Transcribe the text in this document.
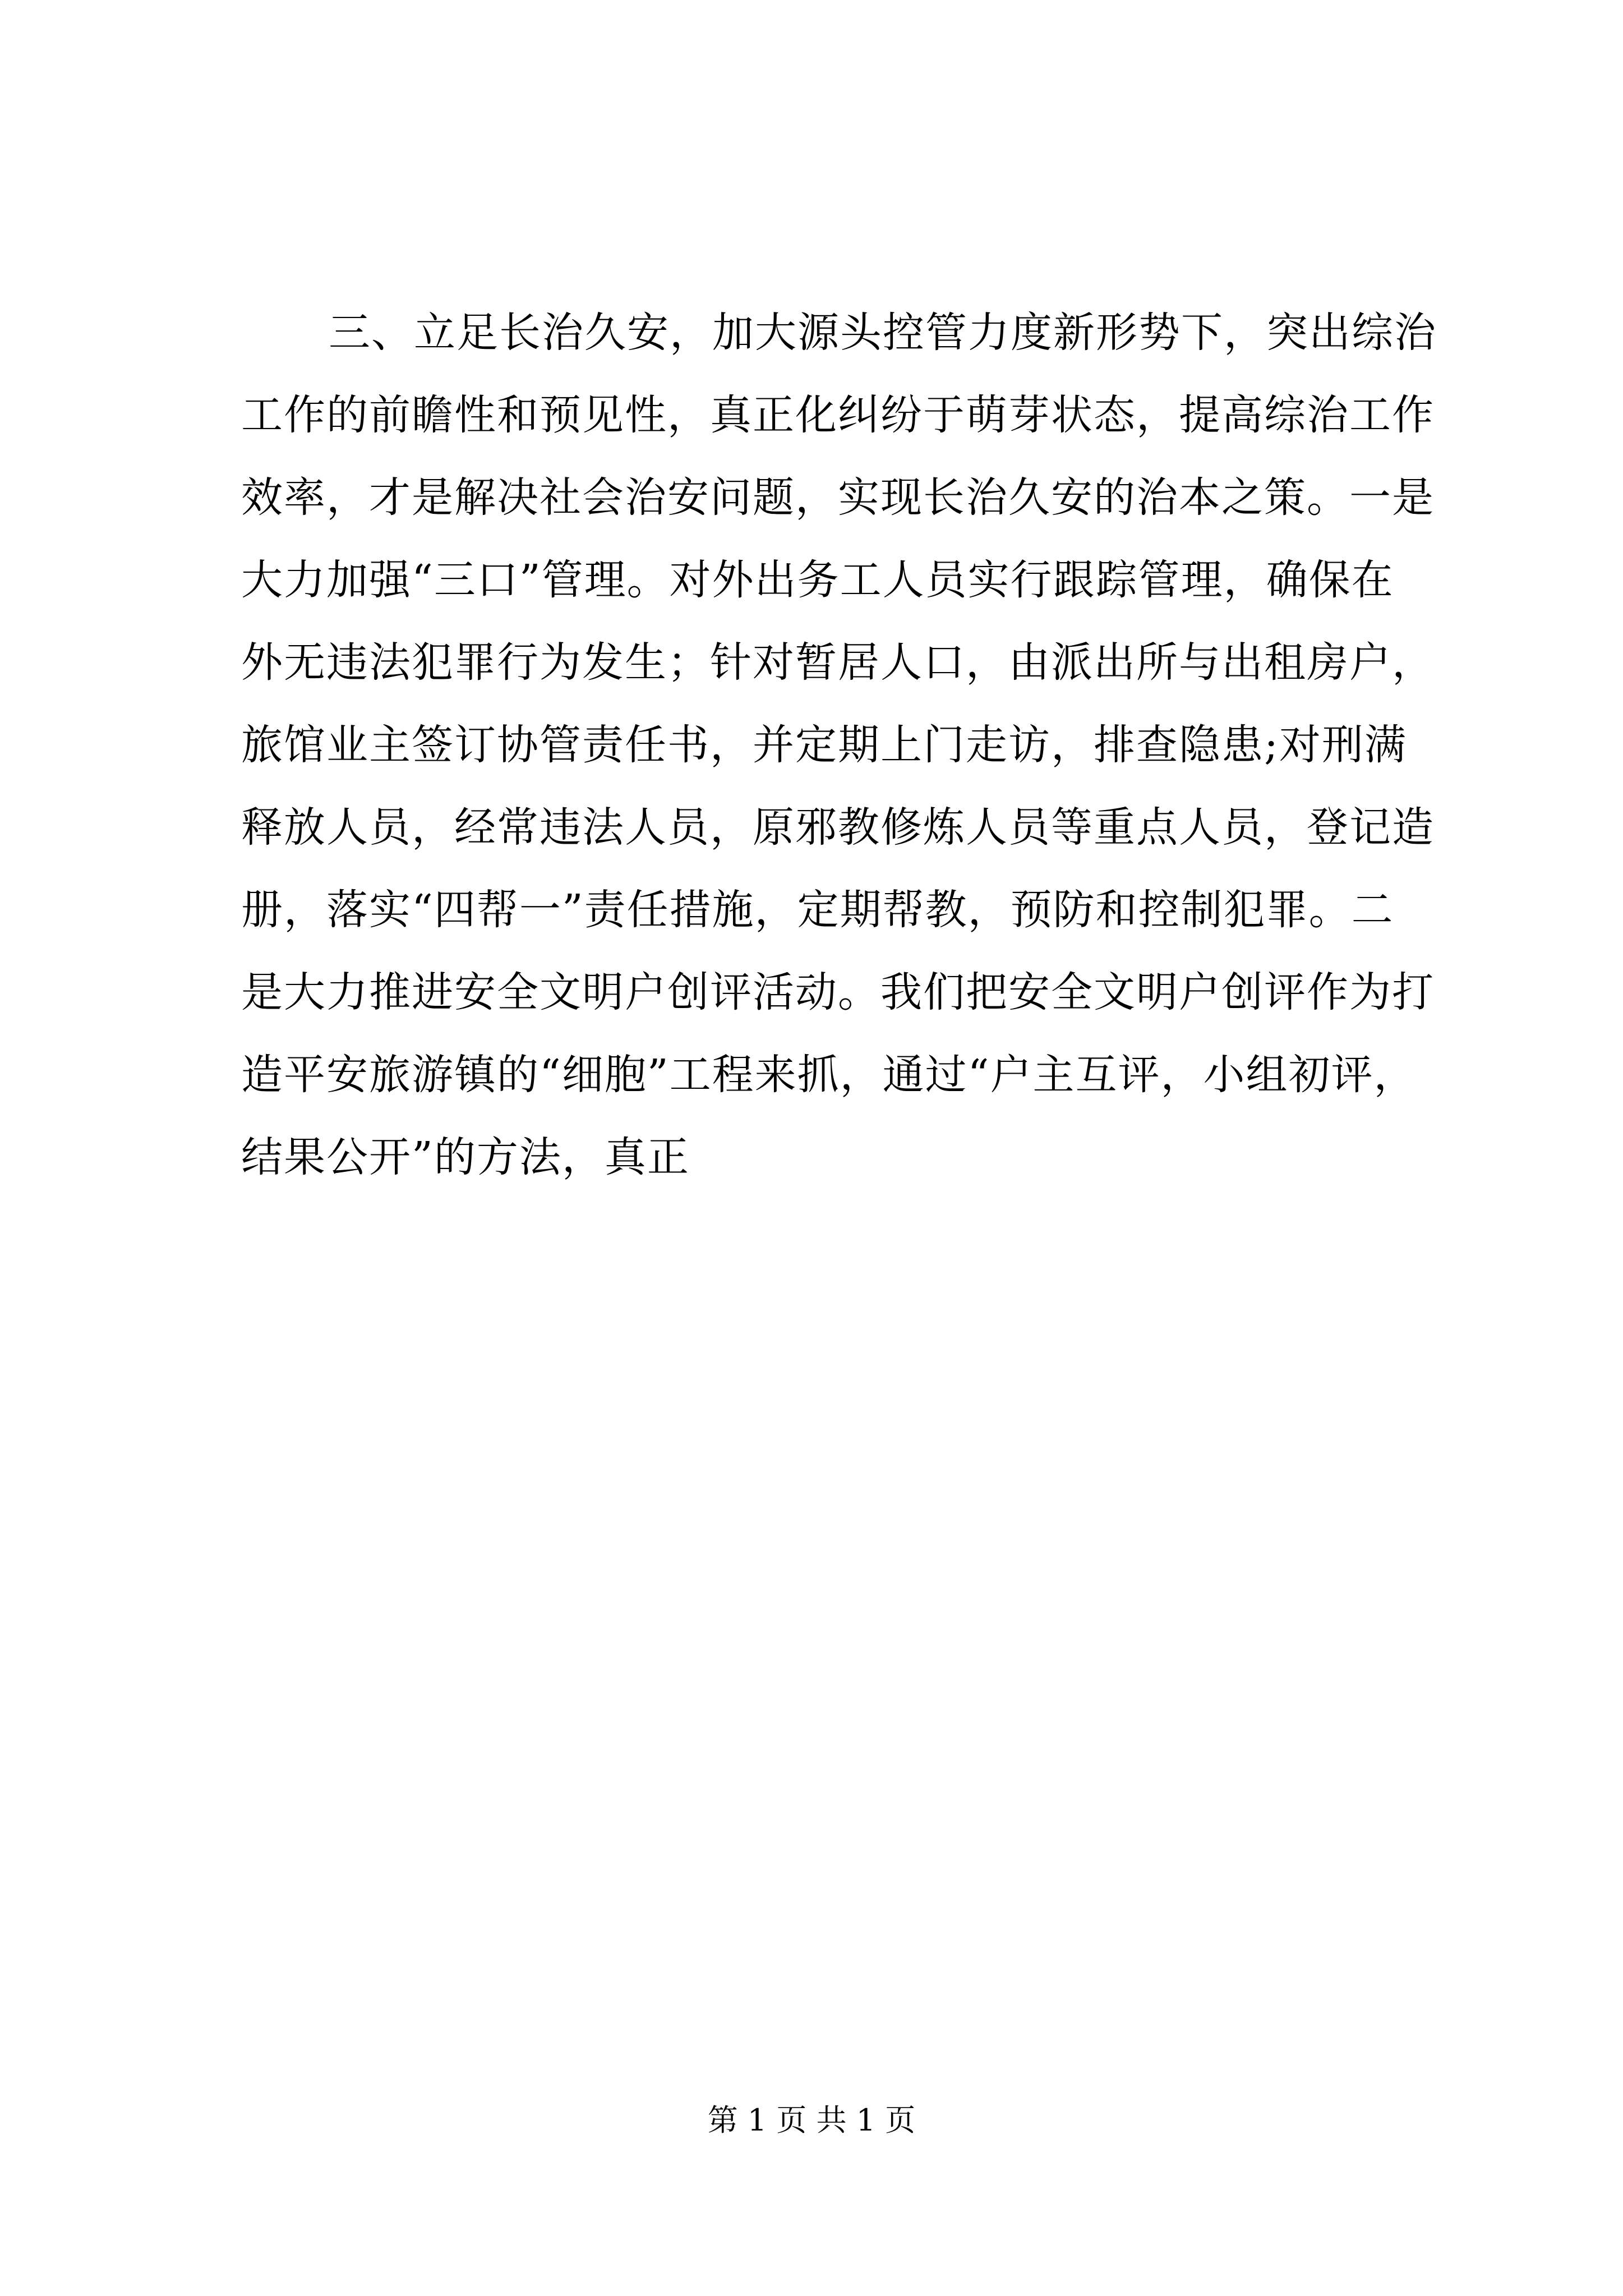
三、立足长治久安，加大源头控管力度新形势下，突出综治
工作的前瞻性和预见性，真正化纠纷于萌芽状态，提高综治工作
效率，才是解决社会治安问题，实现长治久安的治本之策。一是
大力加强“三口”管理。对外出务工人员实行跟踪管理，确保在
外无违法犯罪行为发生；针对暂居人口，由派出所与出租房户，
旅馆业主签订协管责任书，并定期上门走访，排查隐患;对刑满
释放人员，经常违法人员，原邪教修炼人员等重点人员，登记造
册，落实“四帮一”责任措施，定期帮教，预防和控制犯罪。二
是大力推进安全文明户创评活动。我们把安全文明户创评作为打
造平安旅游镇的“细胞”工程来抓，通过“户主互评，小组初评，
结果公开”的方法，真正
第 1 页 共 1 页
